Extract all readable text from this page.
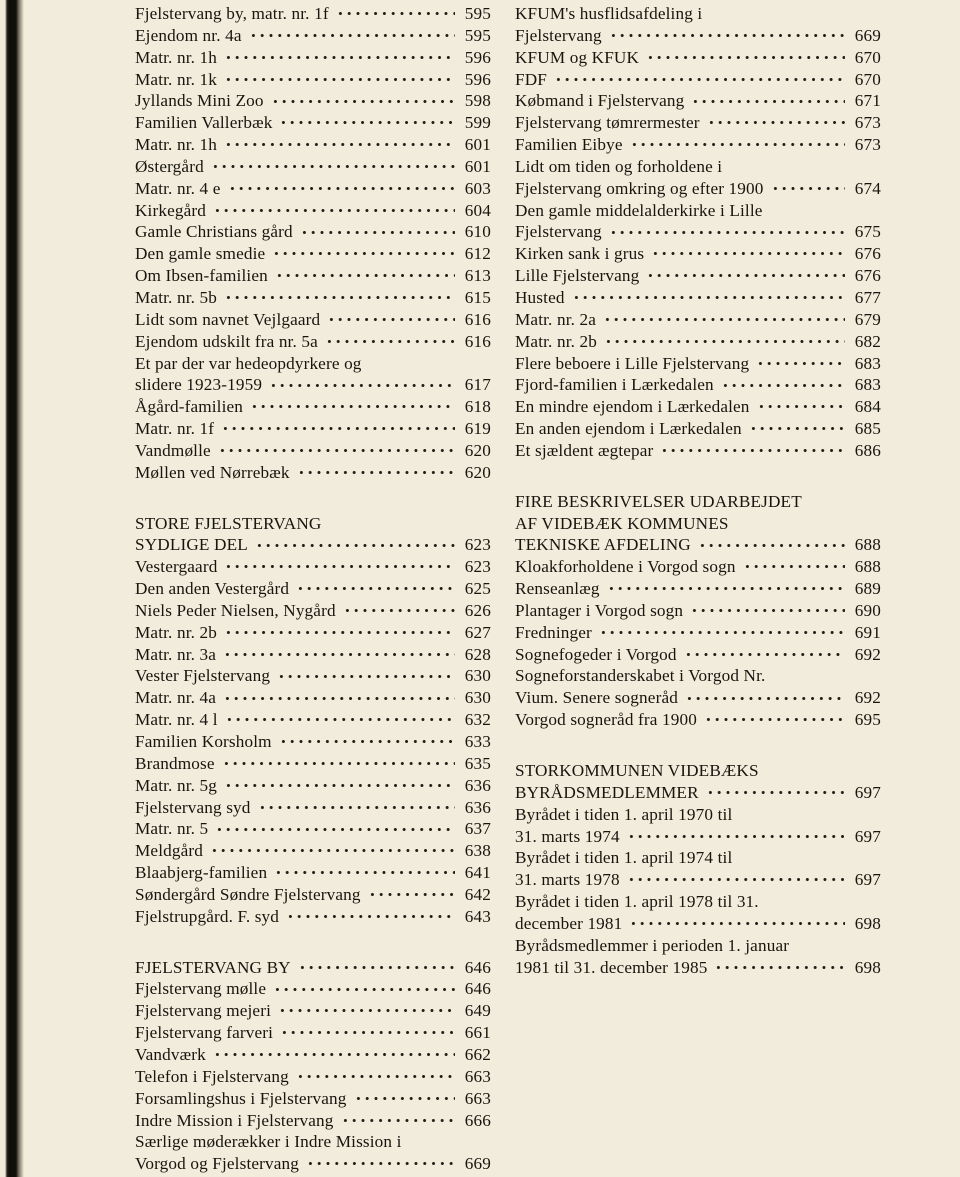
Fjelstervang by, matr. nr. 1f	595
Ejendom nr. 4a	595
Matr. nr. 1h	596
Matr. nr. 1k	596
Jyllands Mini Zoo	598
Familien Vallerbæk	599
Matr. nr. 1h	601
Østergård	601
Matr. nr. 4 e	603
Kirkegård	604
Gamle Christians gård	610
Den gamle smedie	612
Om Ibsen-familien	613
Matr. nr. 5b	615
Lidt som navnet Vejlgaard	616
Ejendom udskilt fra nr. 5a	616
Et par der var hedeopdyrkere og
slidere 1923-1959	617
Ågård-familien	618
Matr. nr. 1f	619
Vandmølle	620
Møllen ved Nørrebæk	620
STORE FJELSTERVANG
SYDLIGE DEL	623
Vestergaard	623
Den anden Vestergård	625
Niels Peder Nielsen, Nygård	626
Matr. nr. 2b	627
Matr. nr. 3a	628
Vester Fjelstervang	630
Matr. nr. 4a	630
Matr. nr. 4 l	632
Familien Korsholm	633
Brandmose	635
Matr. nr. 5g	636
Fjelstervang syd	636
Matr. nr. 5	637
Meldgård	638
Blaabjerg-familien	641
Søndergård Søndre Fjelstervang	642
Fjelstrupgård. F. syd	643
FJELSTERVANG BY	646
Fjelstervang mølle	646
Fjelstervang mejeri	649
Fjelstervang farveri	661
Vandværk	662
Telefon i Fjelstervang	663
Forsamlingshus i Fjelstervang	663
Indre Mission i Fjelstervang	666
Særlige møderækker i Indre Mission i
Vorgod og Fjelstervang	669
KFUM's husflidsafdeling i
Fjelstervang	669
KFUM og KFUK	670
FDF	670
Købmand i Fjelstervang	671
Fjelstervang tømrermester	673
Familien Eibye	673
Lidt om tiden og forholdene i
Fjelstervang omkring og efter 1900	674
Den gamle middelalderkirke i Lille
Fjelstervang	675
Kirken sank i grus	676
Lille Fjelstervang	676
Husted	677
Matr. nr. 2a	679
Matr. nr. 2b	682
Flere beboere i Lille Fjelstervang	683
Fjord-familien i Lærkedalen	683
En mindre ejendom i Lærkedalen	684
En anden ejendom i Lærkedalen	685
Et sjældent ægtepar	686
FIRE BESKRIVELSER UDARBEJDET
AF VIDEBÆK KOMMUNES
TEKNISKE AFDELING	688
Kloakforholdene i Vorgod sogn	688
Renseanlæg	689
Plantager i Vorgod sogn	690
Fredninger	691
Sognefogeder i Vorgod	692
Sogneforstanderskabet i Vorgod Nr.
Vium. Senere sogneråd	692
Vorgod sogneråd fra 1900	695
STORKOMMUNEN VIDEBÆKS
BYRÅDSMEDLEMMER	697
Byrådet i tiden 1. april 1970 til
31. marts 1974	697
Byrådet i tiden 1. april 1974 til
31. marts 1978	697
Byrådet i tiden 1. april 1978 til 31.
december 1981	698
Byrådsmedlemmer i perioden 1. januar
1981 til 31. december 1985	698
